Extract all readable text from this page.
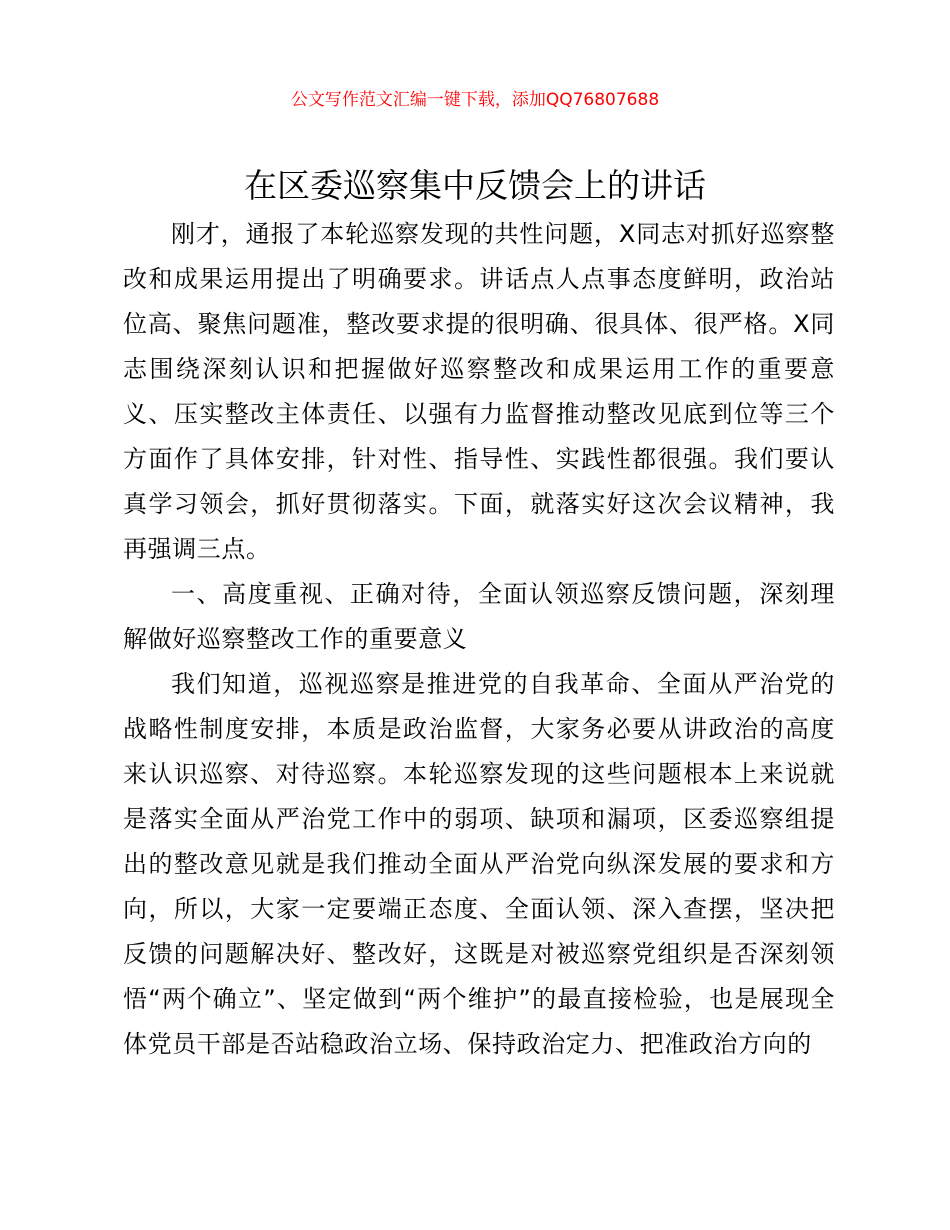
公文写作范文汇编一键下载，添加QQ76807688
在区委巡察集中反馈会上的讲话

刚才，通报了本轮巡察发现的共性问题，X同志对抓好巡察整改和成果运用提出了明确要求。讲话点人点事态度鲜明，政治站位高、聚焦问题准，整改要求提的很明确、很具体、很严格。X同志围绕深刻认识和把握做好巡察整改和成果运用工作的重要意义、压实整改主体责任、以强有力监督推动整改见底到位等三个方面作了具体安排，针对性、指导性、实践性都很强。我们要认真学习领会，抓好贯彻落实。下面，就落实好这次会议精神，我再强调三点。

一、高度重视、正确对待，全面认领巡察反馈问题，深刻理解做好巡察整改工作的重要意义

我们知道，巡视巡察是推进党的自我革命、全面从严治党的战略性制度安排，本质是政治监督，大家务必要从讲政治的高度来认识巡察、对待巡察。本轮巡察发现的这些问题根本上来说就是落实全面从严治党工作中的弱项、缺项和漏项，区委巡察组提出的整改意见就是我们推动全面从严治党向纵深发展的要求和方向，所以，大家一定要端正态度、全面认领、深入查摆，坚决把反馈的问题解决好、整改好，这既是对被巡察党组织是否深刻领悟“两个确立”、坚定做到“两个维护”的最直接检验，也是展现全体党员干部是否站稳政治立场、保持政治定力、把准政治方向的
